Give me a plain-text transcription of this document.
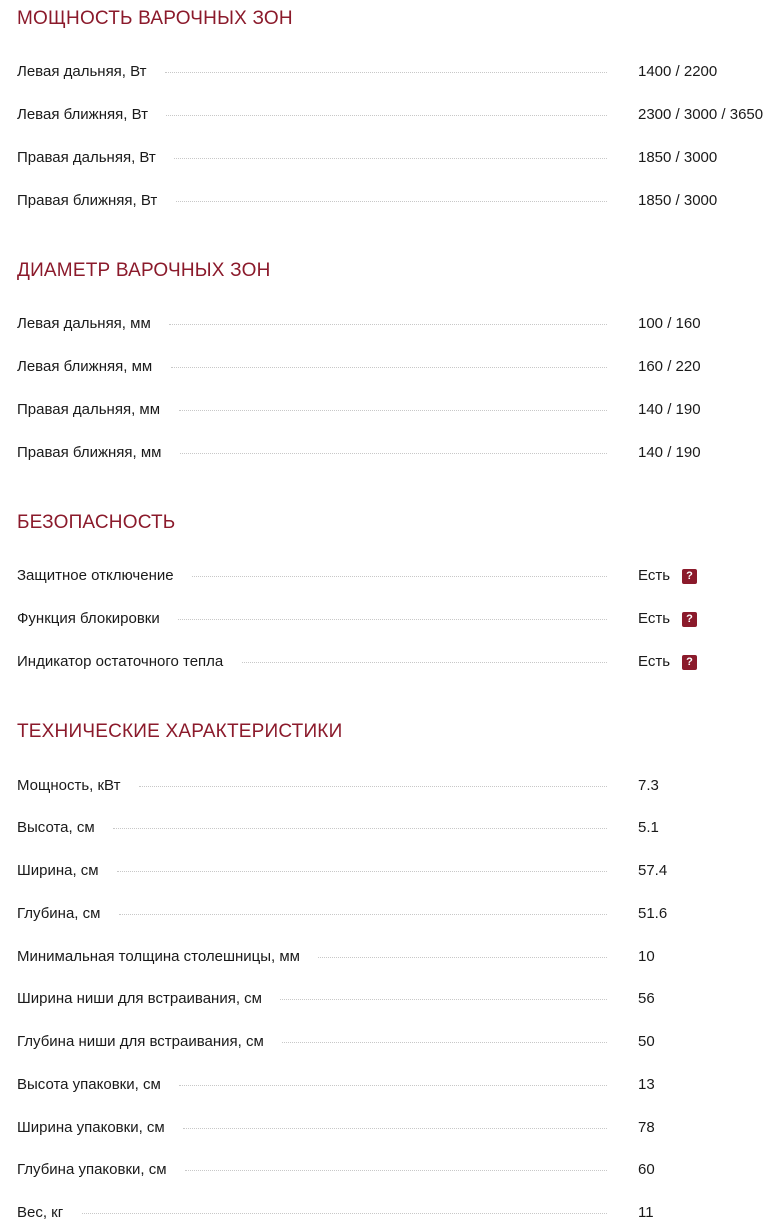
МОЩНОСТЬ ВАРОЧНЫХ ЗОН
Левая дальняя, Вт	1400 / 2200
Левая ближняя, Вт	2300 / 3000 / 3650
Правая дальняя, Вт	1850 / 3000
Правая ближняя, Вт	1850 / 3000
ДИАМЕТР ВАРОЧНЫХ ЗОН
Левая дальняя, мм	100 / 160
Левая ближняя, мм	160 / 220
Правая дальняя, мм	140 / 190
Правая ближняя, мм	140 / 190
БЕЗОПАСНОСТЬ
Защитное отключение	Есть	?
Функция блокировки	Есть	?
Индикатор остаточного тепла	Есть	?
ТЕХНИЧЕСКИЕ ХАРАКТЕРИСТИКИ
Мощность, кВт	7.3
Высота, см	5.1
Ширина, см	57.4
Глубина, см	51.6
Минимальная толщина столешницы, мм	10
Ширина ниши для встраивания, см	56
Глубина ниши для встраивания, см	50
Высота упаковки, см	13
Ширина упаковки, см	78
Глубина упаковки, см	60
Вес, кг	11
